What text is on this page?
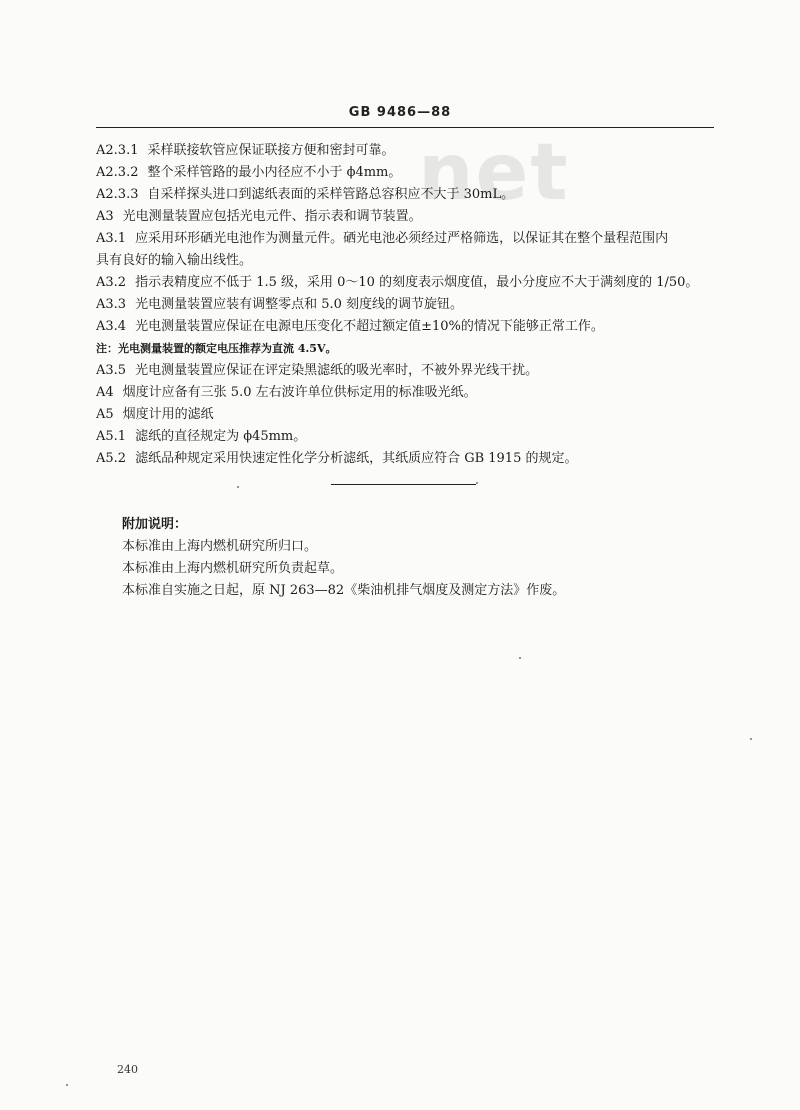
net
GB 9486—88
A2.3.1 采样联接软管应保证联接方便和密封可靠。
A2.3.2 整个采样管路的最小内径应不小于 ϕ4mm。
A2.3.3 自采样探头进口到滤纸表面的采样管路总容积应不大于 30mL。
A3 光电测量装置应包括光电元件、指示表和调节装置。
A3.1 应采用环形硒光电池作为测量元件。硒光电池必须经过严格筛选，以保证其在整个量程范围内
具有良好的输入输出线性。
A3.2 指示表精度应不低于 1.5 级，采用 0～10 的刻度表示烟度值，最小分度应不大于满刻度的 1/50。
A3.3 光电测量装置应装有调整零点和 5.0 刻度线的调节旋钮。
A3.4 光电测量装置应保证在电源电压变化不超过额定值±10%的情况下能够正常工作。
注：光电测量装置的额定电压推荐为直流 4.5V。
A3.5 光电测量装置应保证在评定染黑滤纸的吸光率时，不被外界光线干扰。
A4 烟度计应备有三张 5.0 左右波许单位供标定用的标准吸光纸。
A5 烟度计用的滤纸
A5.1 滤纸的直径规定为 ϕ45mm。
A5.2 滤纸品种规定采用快速定性化学分析滤纸，其纸质应符合 GB 1915 的规定。
附加说明：
本标准由上海内燃机研究所归口。
本标准由上海内燃机研究所负责起草。
本标准自实施之日起，原 NJ 263—82《柴油机排气烟度及测定方法》作废。
240
